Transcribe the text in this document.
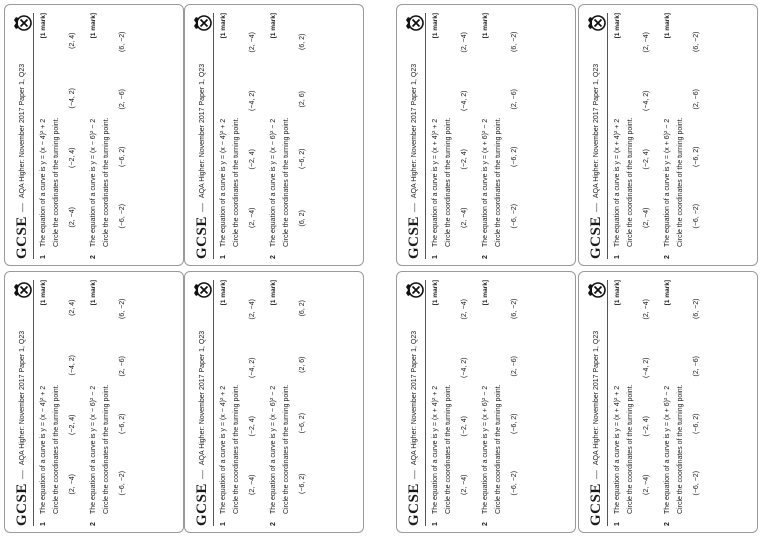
GCSE
—
AQA Higher: November 2017 Paper 1, Q23
1
The equation of a curve is y = (x − 4)² + 2
[1 mark]
Circle the coordinates of the turning point. (2, −4)
(−2, 4)
(−4, 2)
(2, 4)
2
The equation of a curve is y = (x − 6)² − 2
[1 mark]
Circle the coordinates of the turning point. (−6, −2)
(−6, 2)
(2, −6)
(6, −2)
GCSE
—
AQA Higher: November 2017 Paper 1, Q23
1
The equation of a curve is y = (x − 4)² + 2
[1 mark]
Circle the coordinates of the turning point. (2, −4)
(−2, 4)
(−4, 2)
(2, −4)
2
The equation of a curve is y = (x − 6)² − 2
[1 mark]
Circle the coordinates of the turning point. (−6, 2)
(−6, 2)
(2, 6)
(6, 2)
GCSE
—
AQA Higher: November 2017 Paper 1, Q23
1
The equation of a curve is y = (x + 4)² + 2
[1 mark]
Circle the coordinates of the turning point. (2, −4)
(−2, 4)
(−4, 2)
(2, −4)
2
The equation of a curve is y = (x + 6)² − 2
[1 mark]
Circle the coordinates of the turning point. (−6, −2)
(−6, 2)
(2, −6)
(6, −2)
GCSE
—
AQA Higher: November 2017 Paper 1, Q23
1
The equation of a curve is y = (x + 4)² + 2
[1 mark]
Circle the coordinates of the turning point. (2, −4)
(−2, 4)
(−4, 2)
(2, −4)
2
The equation of a curve is y = (x + 6)² − 2
[1 mark]
Circle the coordinates of the turning point. (−6, −2)
(−6, 2)
(2, −6)
(6, −2)
GCSE
—
AQA Higher: November 2017 Paper 1, Q23
1
The equation of a curve is y = (x − 4)² + 2
[1 mark]
Circle the coordinates of the turning point. (2, −4)
(−2, 4)
(−4, 2)
(2, 4)
2
The equation of a curve is y = (x − 6)² − 2
[1 mark]
Circle the coordinates of the turning point. (−6, −2)
(−6, 2)
(2, −6)
(6, −2)
GCSE
—
AQA Higher: November 2017 Paper 1, Q23
1
The equation of a curve is y = (x − 4)² + 2
[1 mark]
Circle the coordinates of the turning point. (2, −4)
(−2, 4)
(−4, 2)
(2, −4)
2
The equation of a curve is y = (x − 6)² − 2
[1 mark]
Circle the coordinates of the turning point. (6, 2)
(−6, 2)
(2, 6)
(6, 2)
GCSE
—
AQA Higher: November 2017 Paper 1, Q23
1
The equation of a curve is y = (x + 4)² + 2
[1 mark]
Circle the coordinates of the turning point. (2, −4)
(−2, 4)
(−4, 2)
(2, −4)
2
The equation of a curve is y = (x + 6)² − 2
[1 mark]
Circle the coordinates of the turning point. (−6, −2)
(−6, 2)
(2, −6)
(6, −2)
GCSE
—
AQA Higher: November 2017 Paper 1, Q23
1
The equation of a curve is y = (x + 4)² + 2
[1 mark]
Circle the coordinates of the turning point. (2, −4)
(−2, 4)
(−4, 2)
(2, −4)
2
The equation of a curve is y = (x + 6)² − 2
[1 mark]
Circle the coordinates of the turning point. (−6, −2)
(−6, 2)
(2, −6)
(6, −2)
